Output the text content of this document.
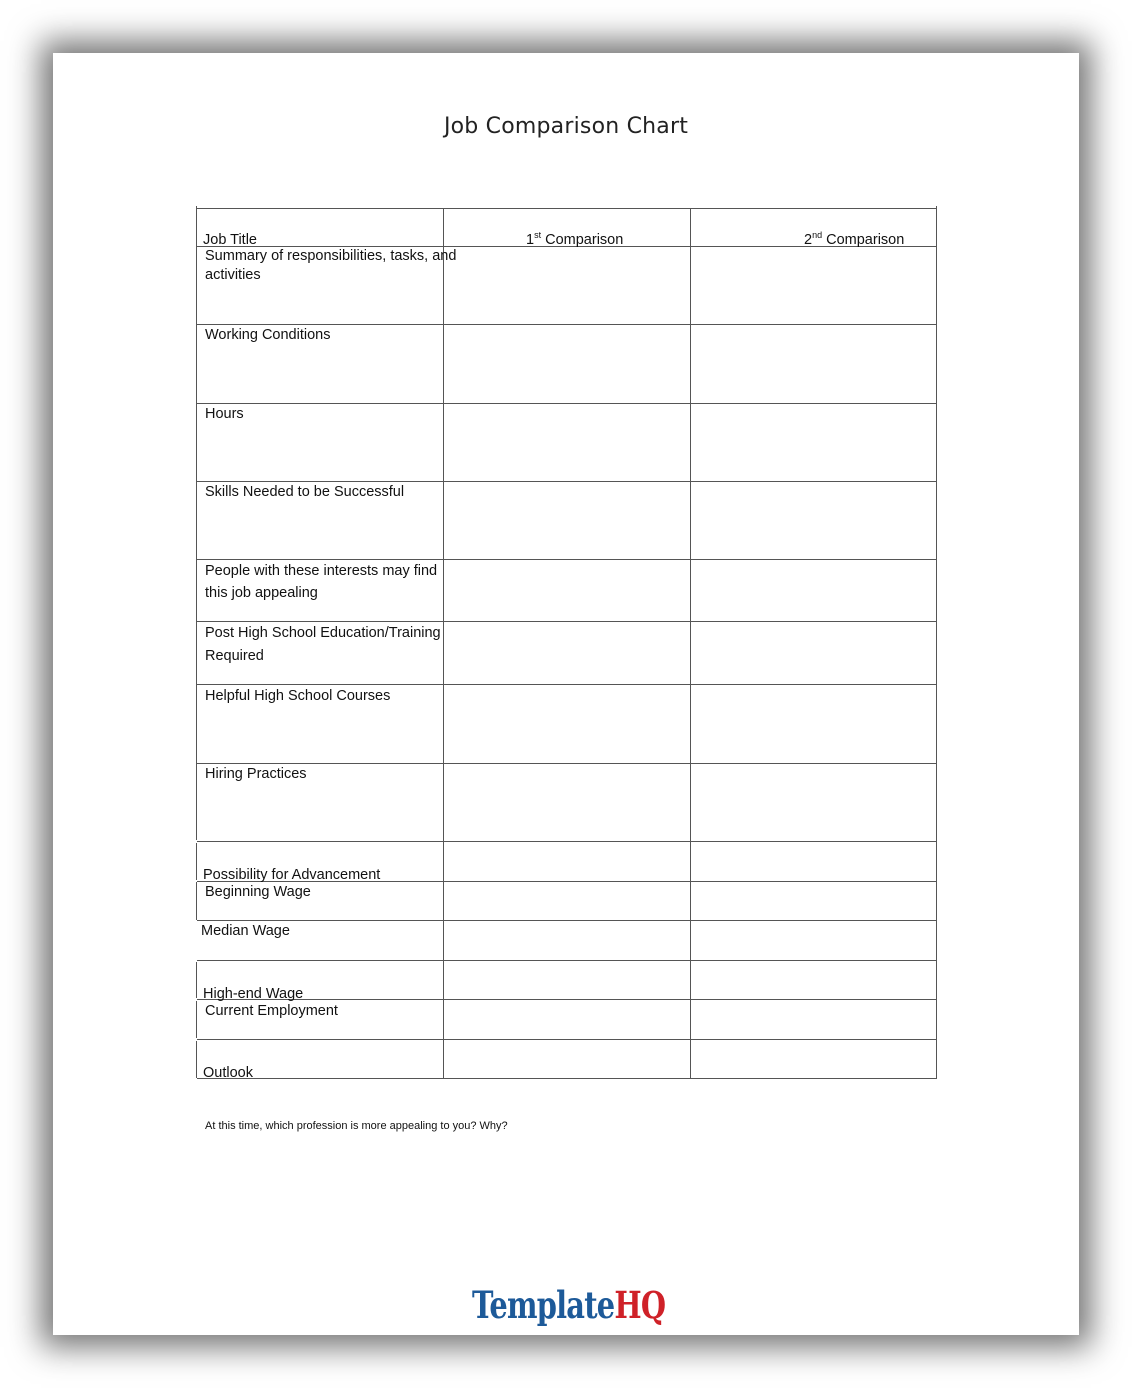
Job Comparison Chart
Job Title	1st Comparison	2nd Comparison
Summary of responsibilities, tasks, and
activities
Working Conditions
Hours
Skills Needed to be Successful
People with these interests may find
this job appealing
Post High School Education/Training
Required
Helpful High School Courses
Hiring Practices
Possibility for Advancement
Beginning Wage
Median Wage
High-end Wage
Current Employment
Outlook
At this time, which profession is more appealing to you? Why?
TemplateHQ
